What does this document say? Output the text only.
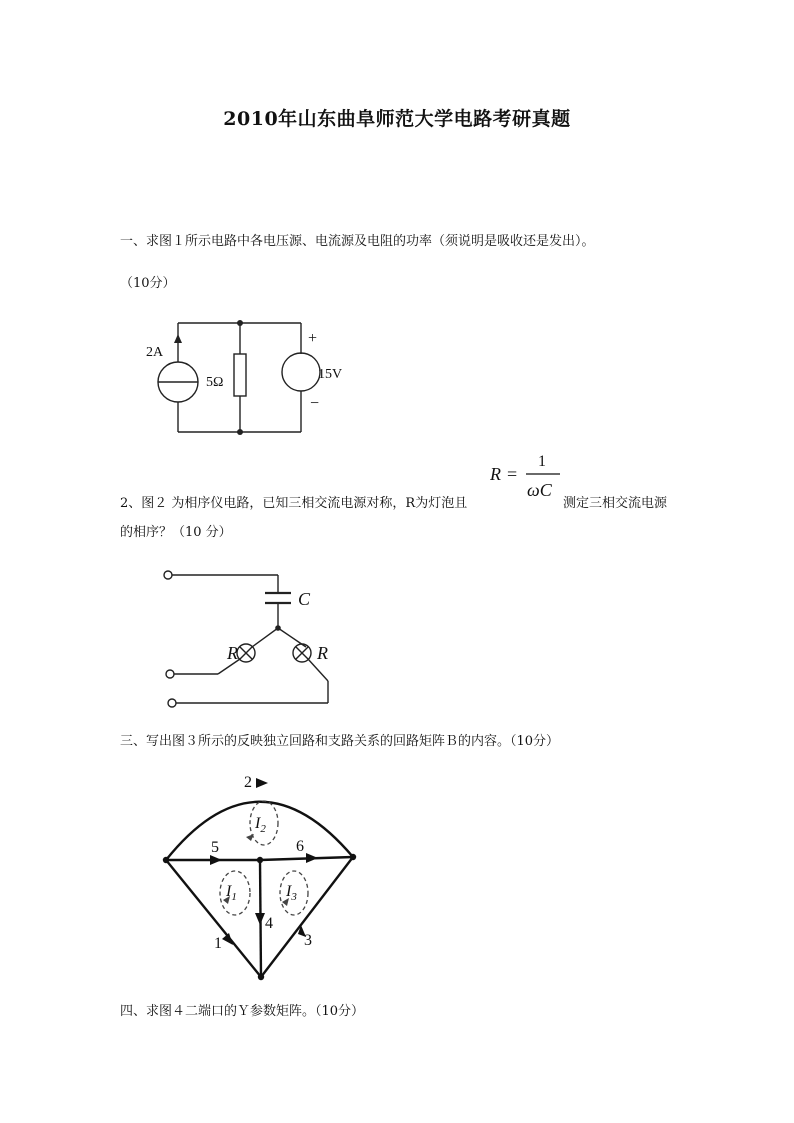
2010年山东曲阜师范大学电路考研真题
一、求图１所示电路中各电压源、电流源及电阻的功率（须说明是吸收还是发出）。
（10分）
2A
5Ω
15V
+
−
R =
1
ωC
2、图２ 为相序仪电路，已知三相交流电源对称，R为灯泡且	测定三相交流电源
的相序？（10 分）
C
R	R
三、写出图３所示的反映独立回路和支路关系的回路矩阵Ｂ的内容。（10分）
2
5	6
4
1	3
$I_2$
$I_1$	$I_3$
四、求图４二端口的Ｙ参数矩阵。（10分）
